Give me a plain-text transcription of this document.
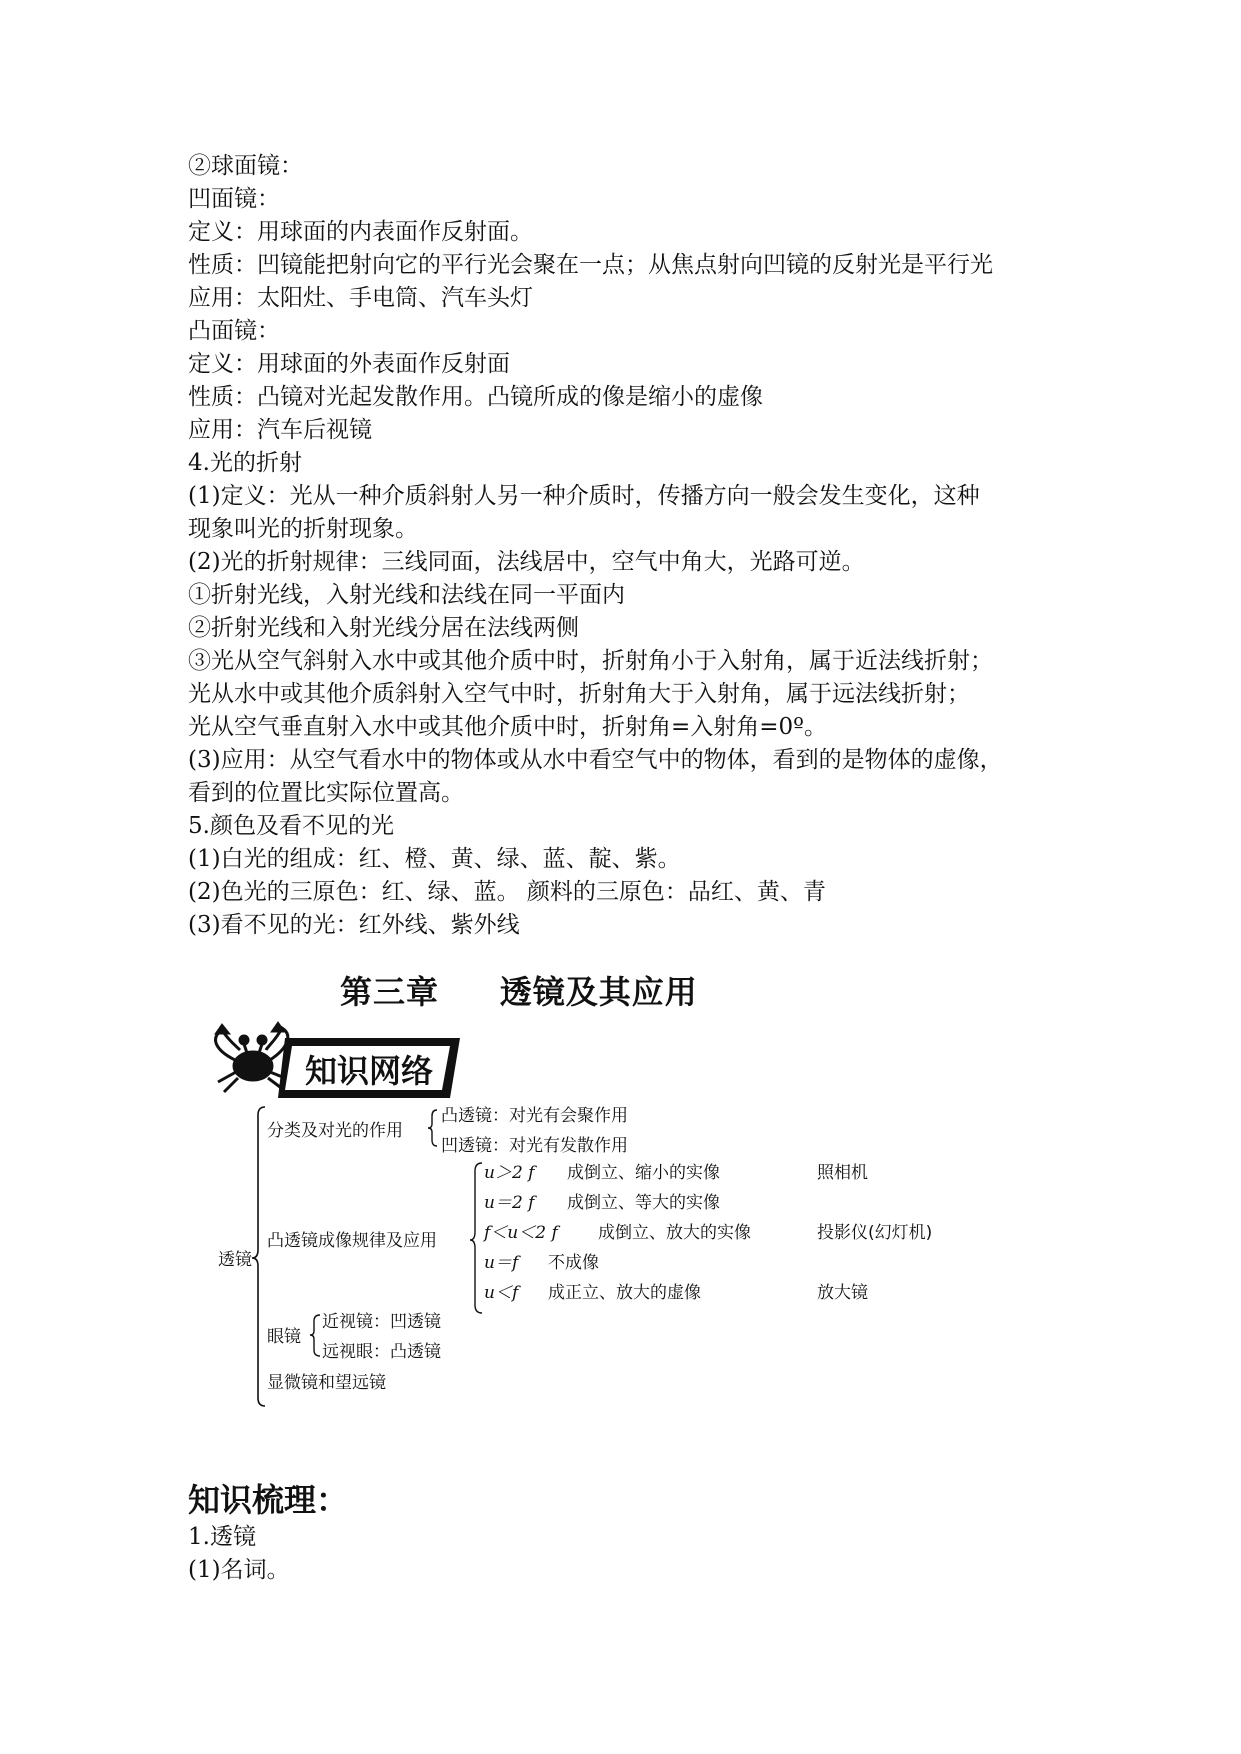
②球面镜：
凹面镜：
定义：用球面的内表面作反射面。
性质：凹镜能把射向它的平行光会聚在一点；从焦点射向凹镜的反射光是平行光
应用：太阳灶、手电筒、汽车头灯
凸面镜：
定义：用球面的外表面作反射面
性质：凸镜对光起发散作用。凸镜所成的像是缩小的虚像
应用：汽车后视镜
4.光的折射
(1)定义：光从一种介质斜射人另一种介质时，传播方向一般会发生变化，这种
现象叫光的折射现象。
(2)光的折射规律：三线同面，法线居中，空气中角大，光路可逆。
①折射光线，入射光线和法线在同一平面内
②折射光线和入射光线分居在法线两侧
③光从空气斜射入水中或其他介质中时，折射角小于入射角，属于近法线折射；
光从水中或其他介质斜射入空气中时，折射角大于入射角，属于远法线折射；
光从空气垂直射入水中或其他介质中时，折射角=入射角=0º。
(3)应用：从空气看水中的物体或从水中看空气中的物体，看到的是物体的虚像，
看到的位置比实际位置高。
5.颜色及看不见的光
(1)白光的组成：红、橙、黄、绿、蓝、靛、紫。
(2)色光的三原色：红、绿、蓝。 颜料的三原色：品红、黄、青
(3)看不见的光：红外线、紫外线
第三章     透镜及其应用
知识网络
透镜
分类及对光的作用
凸透镜：对光有会聚作用
凹透镜：对光有发散作用
凸透镜成像规律及应用
u＞2 f 成倒立、缩小的实像	照相机
u＝2 f 成倒立、等大的实像
f＜u＜2 f 成倒立、放大的实像	投影仪(幻灯机)
u＝f 不成像
u＜f 成正立、放大的虚像	放大镜
眼镜
近视镜：凹透镜
远视眼：凸透镜
显微镜和望远镜
知识梳理：
1.透镜
(1)名词。
